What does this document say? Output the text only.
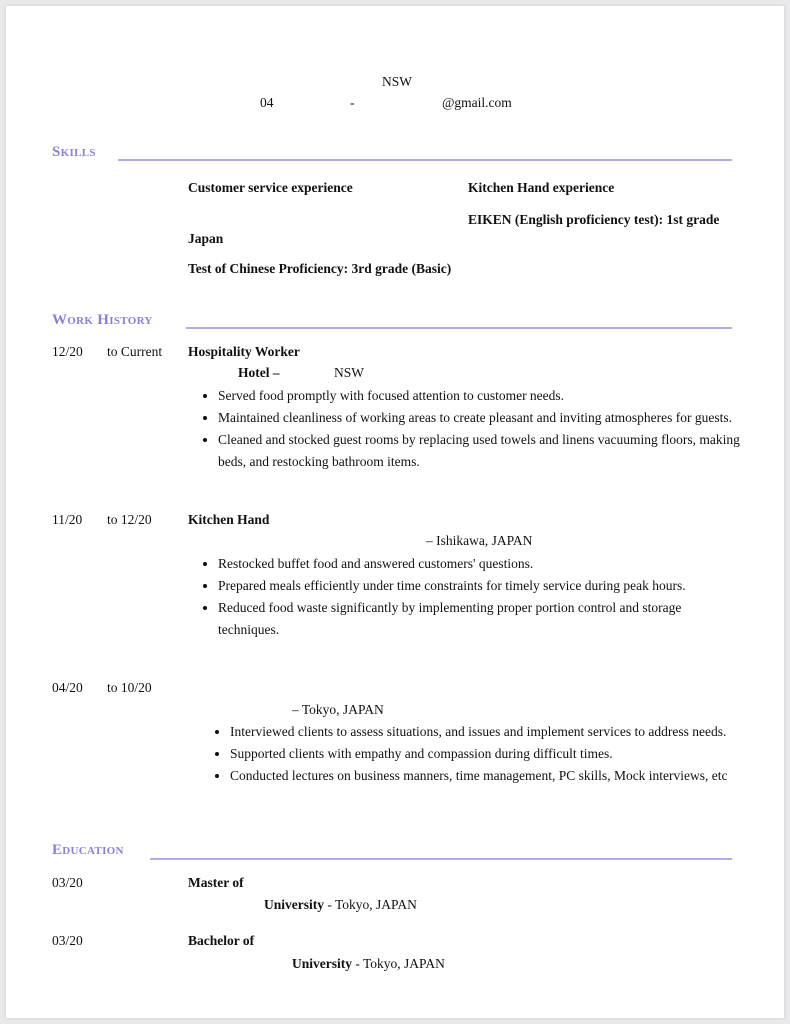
NSW
04	-	@gmail.com
Skills
Customer service experience	Kitchen Hand experience
EIKEN (English proficiency test): 1st grade
Japan
Test of Chinese Proficiency: 3rd grade (Basic)
Work History
12/20 to Current Hospitality Worker
Hotel –	NSW
• Served food promptly with focused attention to customer needs.
• Maintained cleanliness of working areas to create pleasant and inviting atmospheres for guests.
• Cleaned and stocked guest rooms by replacing used towels and linens vacuuming floors, making beds, and restocking bathroom items.
11/20 to 12/20	Kitchen Hand
– Ishikawa, JAPAN
• Restocked buffet food and answered customers' questions.
• Prepared meals efficiently under time constraints for timely service during peak hours.
• Reduced food waste significantly by implementing proper portion control and storage techniques.
04/20 to 10/20
– Tokyo, JAPAN
• Interviewed clients to assess situations, and issues and implement services to address needs.
• Supported clients with empathy and compassion during difficult times.
• Conducted lectures on business manners, time management, PC skills, Mock interviews, etc
Education
03/20	Master of
University - Tokyo, JAPAN
03/20	Bachelor of
University - Tokyo, JAPAN
